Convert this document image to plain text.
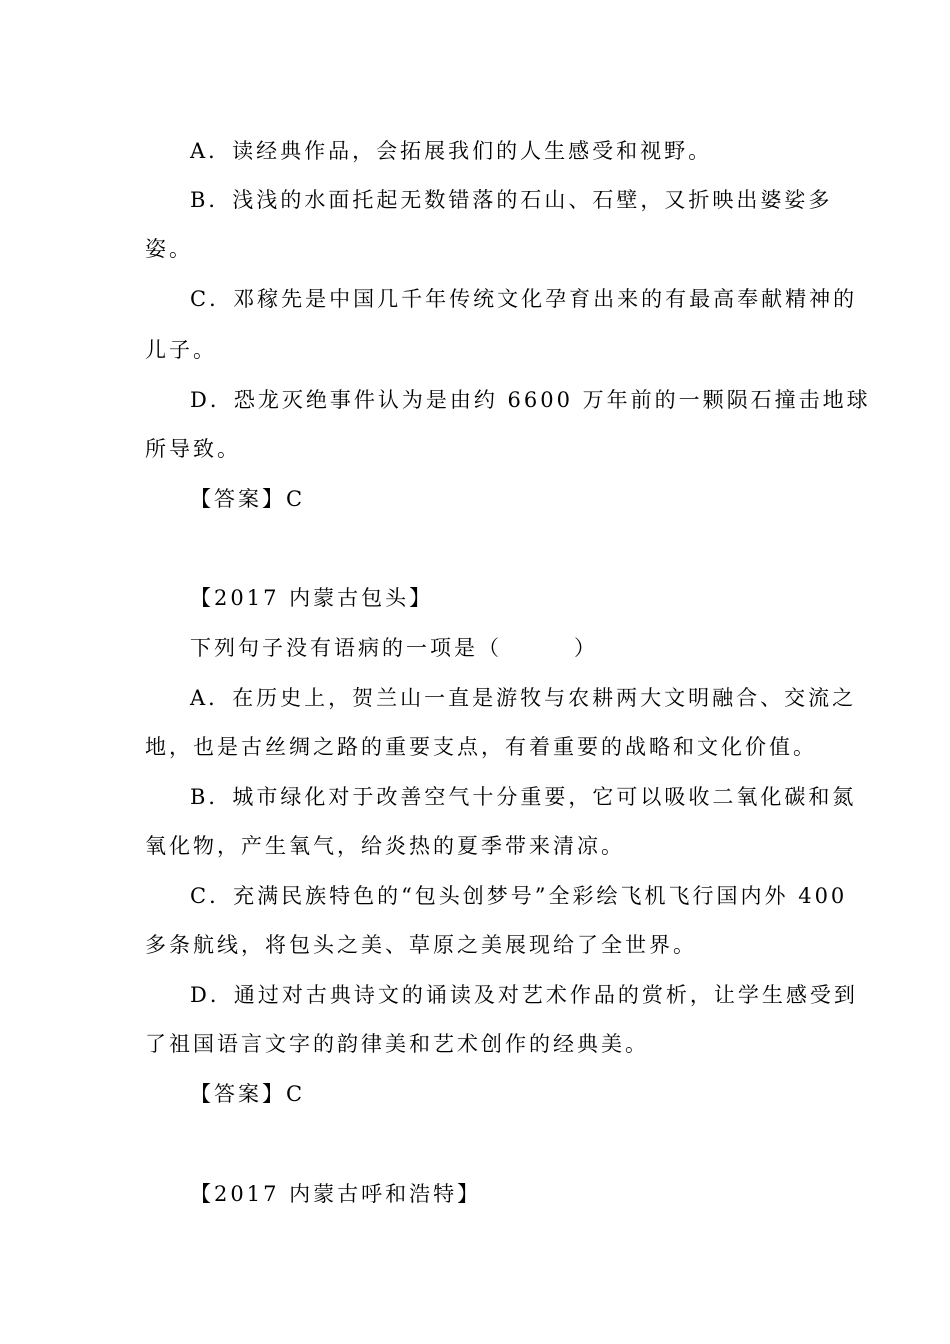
A．读经典作品，会拓展我们的人生感受和视野。
B．浅浅的水面托起无数错落的石山、石壁，又折映出婆娑多
姿。
C．邓稼先是中国几千年传统文化孕育出来的有最高奉献精神的
儿子。
D．恐龙灭绝事件认为是由约 6600 万年前的一颗陨石撞击地球
所导致。
【答案】C
【2017 内蒙古包头】
下列句子没有语病的一项是（　　　）
A．在历史上，贺兰山一直是游牧与农耕两大文明融合、交流之
地，也是古丝绸之路的重要支点，有着重要的战略和文化价值。
B．城市绿化对于改善空气十分重要，它可以吸收二氧化碳和氮
氧化物，产生氧气，给炎热的夏季带来清凉。
C．充满民族特色的“包头创梦号”全彩绘飞机飞行国内外 400
多条航线，将包头之美、草原之美展现给了全世界。
D．通过对古典诗文的诵读及对艺术作品的赏析，让学生感受到
了祖国语言文字的韵律美和艺术创作的经典美。
【答案】C
【2017 内蒙古呼和浩特】
